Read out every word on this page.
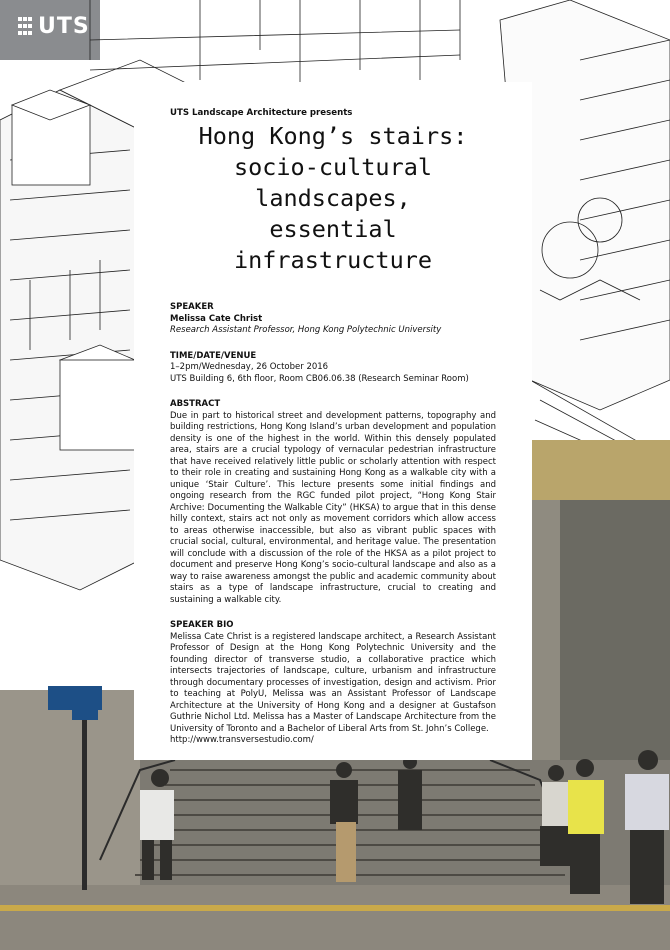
UTS

UTS Landscape Architecture presents

Hong Kong’s stairs:
socio-cultural
landscapes,
essential
infrastructure
SPEAKER
Melissa Cate Christ
Research Assistant Professor, Hong Kong Polytechnic University
TIME/DATE/VENUE
1–2pm/Wednesday, 26 October 2016
UTS Building 6, 6th floor, Room CB06.06.38 (Research Seminar Room)
ABSTRACT

Due in part to historical street and development patterns, topography and building restrictions, Hong Kong Island’s urban development and population density is one of the highest in the world. Within this densely populated area, stairs are a crucial typology of vernacular pedestrian infrastructure that have received relatively little public or scholarly attention with respect to their role in creating and sustaining Hong Kong as a walkable city with a unique ‘Stair Culture’. This lecture presents some initial findings and ongoing research from the RGC funded pilot project, “Hong Kong Stair Archive: Documenting the Walkable City” (HKSA) to argue that in this dense hilly context, stairs act not only as movement corridors which allow access to areas otherwise inaccessible, but also as vibrant public spaces with crucial social, cultural, environmental, and heritage value. The presentation will conclude with a discussion of the role of the HKSA as a pilot project to document and preserve Hong Kong’s socio-cultural landscape and also as a way to raise awareness amongst the public and academic community about stairs as a type of landscape infrastructure, crucial to creating and sustaining a walkable city.

SPEAKER BIO

Melissa Cate Christ is a registered landscape architect, a Research Assistant Professor of Design at the Hong Kong Polytechnic University and the founding director of transverse studio, a collaborative practice which intersects trajectories of landscape, culture, urbanism and infrastructure through documentary processes of investigation, design and activism. Prior to teaching at PolyU, Melissa was an Assistant Professor of Landscape Architecture at the University of Hong Kong and a designer at Gustafson Guthrie Nichol Ltd. Melissa has a Master of Landscape Architecture from the University of Toronto and a Bachelor of Liberal Arts from St. John’s College.

http://www.transversestudio.com/
